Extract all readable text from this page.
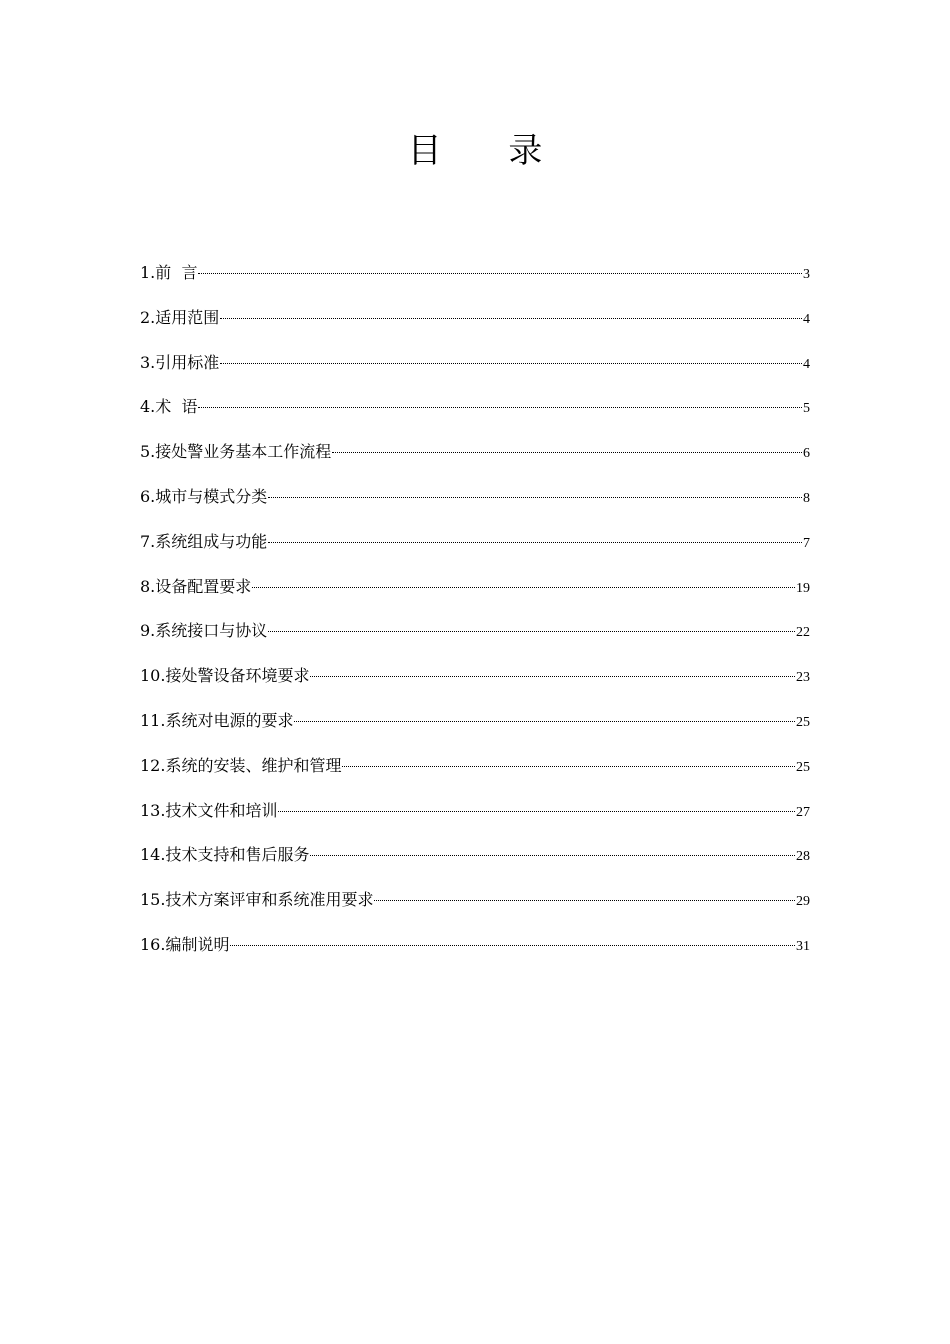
目 录
1.前  言	3
2.适用范围	4
3.引用标准	4
4.术  语	5
5.接处警业务基本工作流程	6
6.城市与模式分类	8
7.系统组成与功能	7
8.设备配置要求	19
9.系统接口与协议	22
10.接处警设备环境要求	23
11.系统对电源的要求	25
12.系统的安装、维护和管理	25
13.技术文件和培训	27
14.技术支持和售后服务	28
15.技术方案评审和系统准用要求	29
16.编制说明	31
